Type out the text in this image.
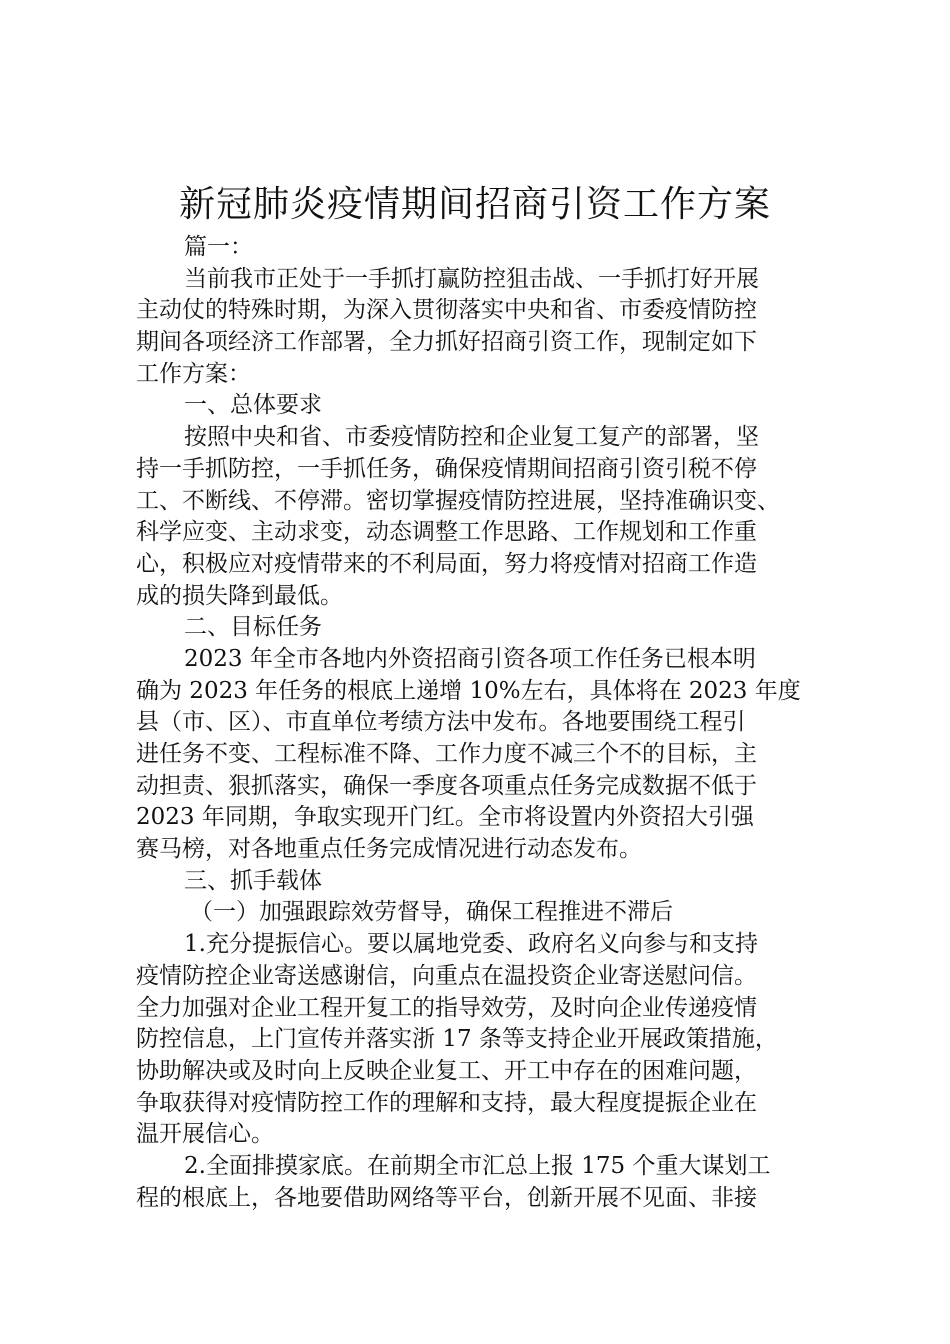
新冠肺炎疫情期间招商引资工作方案
篇一：
当前我市正处于一手抓打赢防控狙击战、一手抓打好开展
主动仗的特殊时期，为深入贯彻落实中央和省、市委疫情防控
期间各项经济工作部署，全力抓好招商引资工作，现制定如下
工作方案：
一、总体要求
按照中央和省、市委疫情防控和企业复工复产的部署，坚
持一手抓防控，一手抓任务，确保疫情期间招商引资引税不停
工、不断线、不停滞。密切掌握疫情防控进展，坚持准确识变、
科学应变、主动求变，动态调整工作思路、工作规划和工作重
心，积极应对疫情带来的不利局面，努力将疫情对招商工作造
成的损失降到最低。
二、目标任务
2023 年全市各地内外资招商引资各项工作任务已根本明
确为 2023 年任务的根底上递增 10%左右，具体将在 2023 年度
县（市、区）、市直单位考绩方法中发布。各地要围绕工程引
进任务不变、工程标准不降、工作力度不减三个不的目标，主
动担责、狠抓落实，确保一季度各项重点任务完成数据不低于
2023 年同期，争取实现开门红。全市将设置内外资招大引强
赛马榜，对各地重点任务完成情况进行动态发布。
三、抓手载体
（一）加强跟踪效劳督导，确保工程推进不滞后
1.充分提振信心。要以属地党委、政府名义向参与和支持
疫情防控企业寄送感谢信，向重点在温投资企业寄送慰问信。
全力加强对企业工程开复工的指导效劳，及时向企业传递疫情
防控信息，上门宣传并落实浙 17 条等支持企业开展政策措施，
协助解决或及时向上反映企业复工、开工中存在的困难问题，
争取获得对疫情防控工作的理解和支持，最大程度提振企业在
温开展信心。
2.全面排摸家底。在前期全市汇总上报 175 个重大谋划工
程的根底上，各地要借助网络等平台，创新开展不见面、非接
